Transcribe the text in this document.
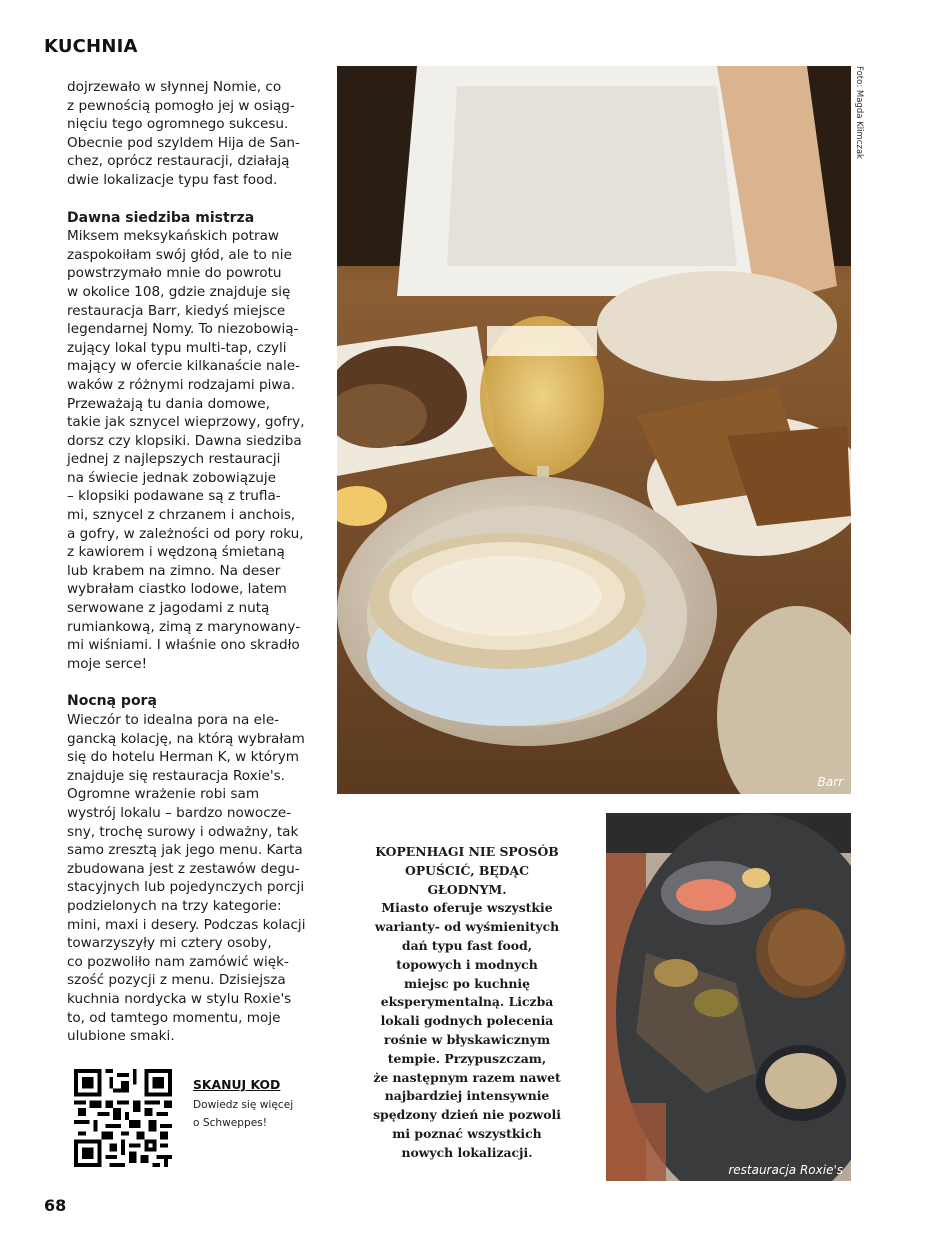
KUCHNIA

dojrzewało w słynnej Nomie, co
z pewnością pomogło jej w osiąg-
nięciu tego ogromnego sukcesu.
Obecnie pod szyldem Hija de San-
chez, oprócz restauracji, działają
dwie lokalizacje typu fast food.

Dawna siedziba mistrza

Miksem meksykańskich potraw
zaspokoiłam swój głód, ale to nie
powstrzymało mnie do powrotu
w okolice 108, gdzie znajduje się
restauracja Barr, kiedyś miejsce
legendarnej Nomy. To niezobowią-
zujący lokal typu multi-tap, czyli
mający w ofercie kilkanaście nale-
waków z różnymi rodzajami piwa.
Przeważają tu dania domowe,
takie jak sznycel wieprzowy, gofry,
dorsz czy klopsiki. Dawna siedziba
jednej z najlepszych restauracji
na świecie jednak zobowiązuje
– klopsiki podawane są z trufla-
mi, sznycel z chrzanem i anchois,
a gofry, w zależności od pory roku,
z kawiorem i wędzoną śmietaną
lub krabem na zimno. Na deser
wybrałam ciastko lodowe, latem
serwowane z jagodami z nutą
rumiankową, zimą z marynowany-
mi wiśniami. I właśnie ono skradło
moje serce!

Nocną porą

Wieczór to idealna pora na ele-
gancką kolację, na którą wybrałam
się do hotelu Herman K, w którym
znajduje się restauracja Roxie's.
Ogromne wrażenie robi sam
wystrój lokalu – bardzo nowocze-
sny, trochę surowy i odważny, tak
samo zresztą jak jego menu. Karta
zbudowana jest z zestawów degu-
stacyjnych lub pojedynczych porcji
podzielonych na trzy kategorie:
mini, maxi i desery. Podczas kolacji
towarzyszyły mi cztery osoby,
co pozwoliło nam zamówić więk-
szość pozycji z menu. Dzisiejsza
kuchnia nordycka w stylu Roxie's
to, od tamtego momentu, moje
ulubione smaki.

Barr
Foto: Magda Klimczak
KOPENHAGI NIE SPOSÓB
OPUŚCIĆ, BĘDĄC
GŁODNYM.
Miasto oferuje wszystkie
warianty- od wyśmienitych
dań typu fast food,
topowych i modnych
miejsc po kuchnię
eksperymentalną. Liczba
lokali godnych polecenia
rośnie w błyskawicznym
tempie. Przypuszczam,
że następnym razem nawet
najbardziej intensywnie
spędzony dzień nie pozwoli
mi poznać wszystkich
nowych lokalizacji.
restauracja Roxie's
SKANUJ KOD
Dowiedz się więcej
o Schweppes!
68
